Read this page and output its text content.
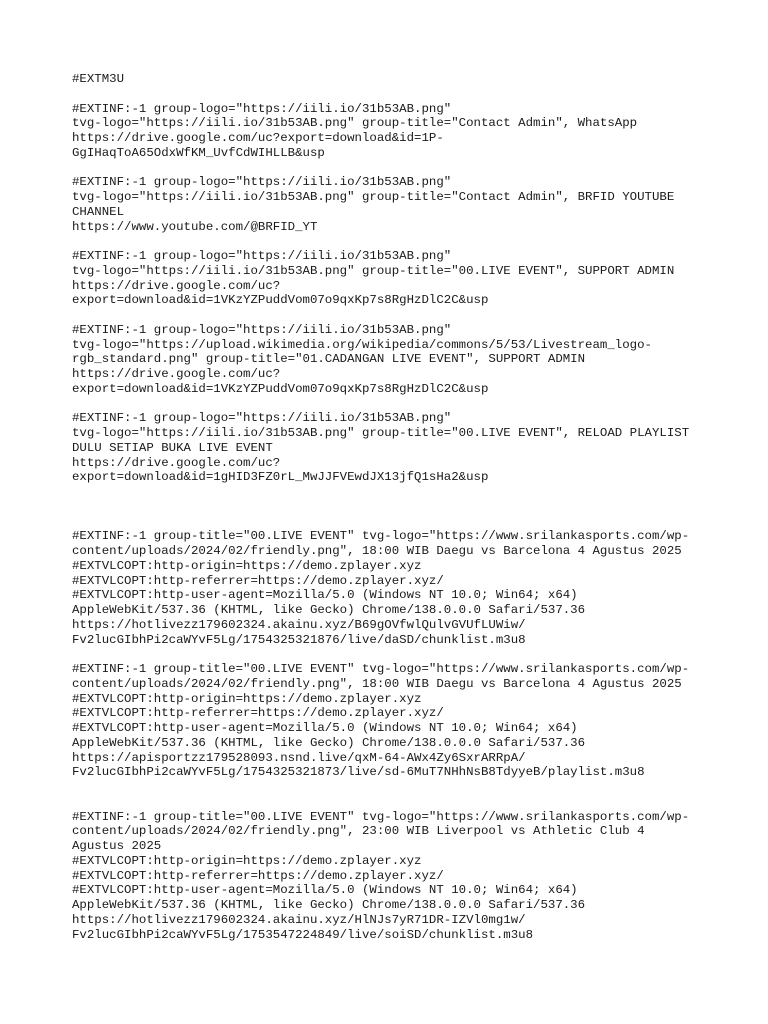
#EXTM3U
#EXTINF:-1 group-logo="https://iili.io/31b53AB.png"
tvg-logo="https://iili.io/31b53AB.png" group-title="Contact Admin", WhatsApp
https://drive.google.com/uc?export=download&id=1P-
GgIHaqToA65OdxWfKM_UvfCdWIHLLB&usp
#EXTINF:-1 group-logo="https://iili.io/31b53AB.png"
tvg-logo="https://iili.io/31b53AB.png" group-title="Contact Admin", BRFID YOUTUBE
CHANNEL
https://www.youtube.com/@BRFID_YT
#EXTINF:-1 group-logo="https://iili.io/31b53AB.png"
tvg-logo="https://iili.io/31b53AB.png" group-title="00.LIVE EVENT", SUPPORT ADMIN
https://drive.google.com/uc?
export=download&id=1VKzYZPuddVom07o9qxKp7s8RgHzDlC2C&usp
#EXTINF:-1 group-logo="https://iili.io/31b53AB.png"
tvg-logo="https://upload.wikimedia.org/wikipedia/commons/5/53/Livestream_logo-
rgb_standard.png" group-title="01.CADANGAN LIVE EVENT", SUPPORT ADMIN
https://drive.google.com/uc?
export=download&id=1VKzYZPuddVom07o9qxKp7s8RgHzDlC2C&usp
#EXTINF:-1 group-logo="https://iili.io/31b53AB.png"
tvg-logo="https://iili.io/31b53AB.png" group-title="00.LIVE EVENT", RELOAD PLAYLIST
DULU SETIAP BUKA LIVE EVENT
https://drive.google.com/uc?
export=download&id=1gHID3FZ0rL_MwJJFVEwdJX13jfQ1sHa2&usp
#EXTINF:-1 group-title="00.LIVE EVENT" tvg-logo="https://www.srilankasports.com/wp-
content/uploads/2024/02/friendly.png", 18:00 WIB Daegu vs Barcelona 4 Agustus 2025
#EXTVLCOPT:http-origin=https://demo.zplayer.xyz
#EXTVLCOPT:http-referrer=https://demo.zplayer.xyz/
#EXTVLCOPT:http-user-agent=Mozilla/5.0 (Windows NT 10.0; Win64; x64)
AppleWebKit/537.36 (KHTML, like Gecko) Chrome/138.0.0.0 Safari/537.36
https://hotlivezz179602324.akainu.xyz/B69gOVfwlQulvGVUfLUWiw/
Fv2lucGIbhPi2caWYvF5Lg/1754325321876/live/daSD/chunklist.m3u8
#EXTINF:-1 group-title="00.LIVE EVENT" tvg-logo="https://www.srilankasports.com/wp-
content/uploads/2024/02/friendly.png", 18:00 WIB Daegu vs Barcelona 4 Agustus 2025
#EXTVLCOPT:http-origin=https://demo.zplayer.xyz
#EXTVLCOPT:http-referrer=https://demo.zplayer.xyz/
#EXTVLCOPT:http-user-agent=Mozilla/5.0 (Windows NT 10.0; Win64; x64)
AppleWebKit/537.36 (KHTML, like Gecko) Chrome/138.0.0.0 Safari/537.36
https://apisportzz179528093.nsnd.live/qxM-64-AWx4Zy6SxrARRpA/
Fv2lucGIbhPi2caWYvF5Lg/1754325321873/live/sd-6MuT7NHhNsB8TdyyeB/playlist.m3u8
#EXTINF:-1 group-title="00.LIVE EVENT" tvg-logo="https://www.srilankasports.com/wp-
content/uploads/2024/02/friendly.png", 23:00 WIB Liverpool vs Athletic Club 4
Agustus 2025
#EXTVLCOPT:http-origin=https://demo.zplayer.xyz
#EXTVLCOPT:http-referrer=https://demo.zplayer.xyz/
#EXTVLCOPT:http-user-agent=Mozilla/5.0 (Windows NT 10.0; Win64; x64)
AppleWebKit/537.36 (KHTML, like Gecko) Chrome/138.0.0.0 Safari/537.36
https://hotlivezz179602324.akainu.xyz/HlNJs7yR71DR-IZVl0mg1w/
Fv2lucGIbhPi2caWYvF5Lg/1753547224849/live/soiSD/chunklist.m3u8
